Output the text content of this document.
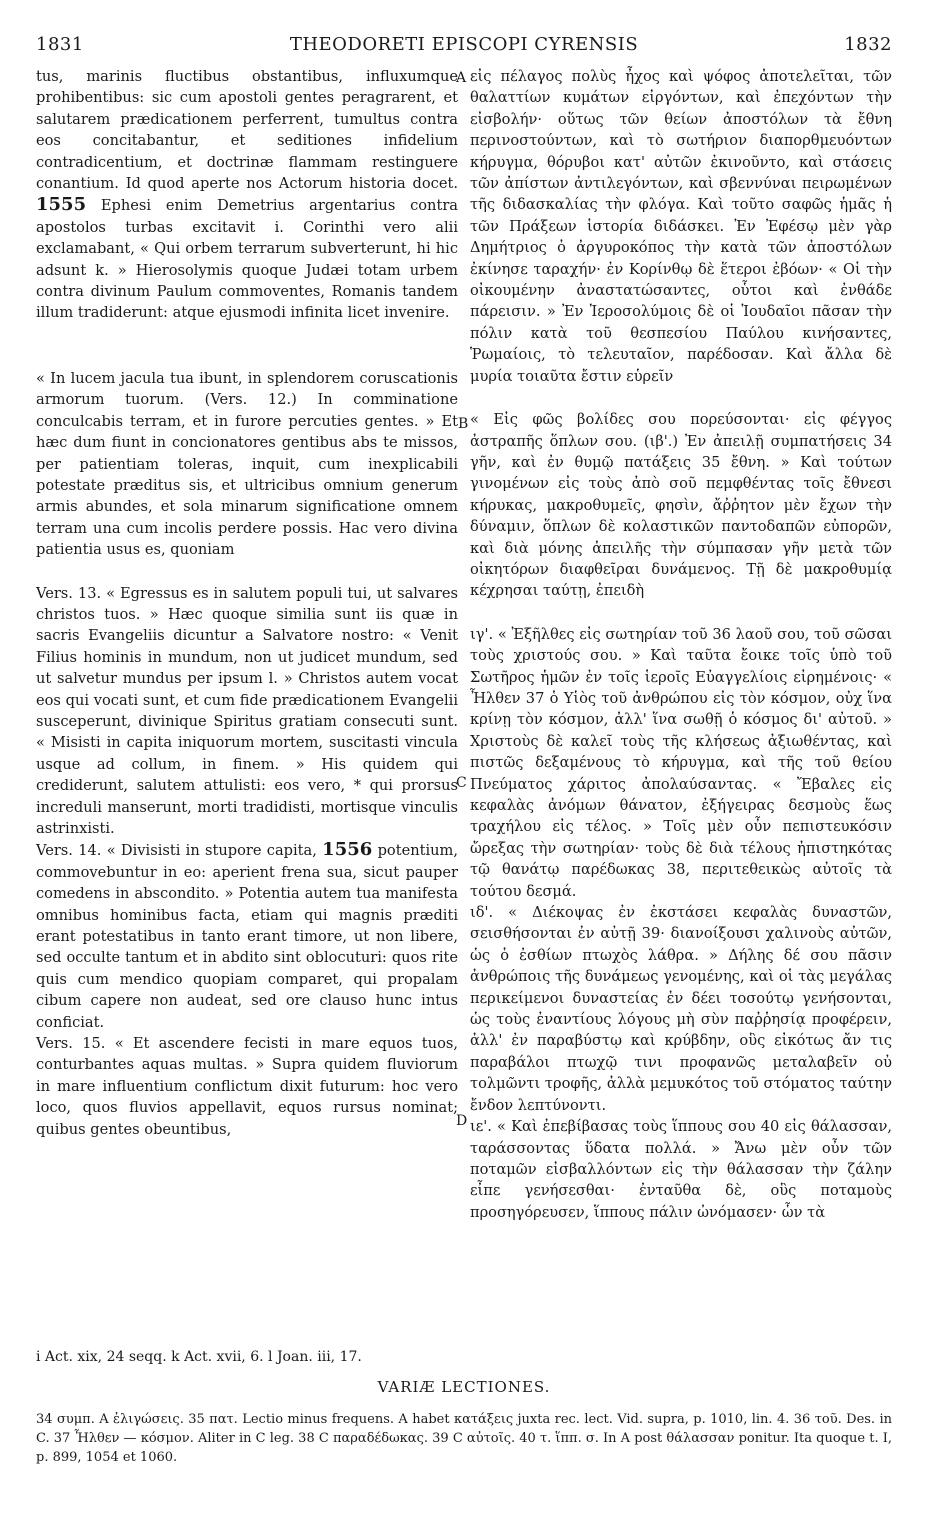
1831	THEODORETI EPISCOPI CYRENSIS	1832
A
B
C
D

tus, marinis fluctibus obstantibus, influxumque prohibentibus: sic cum apostoli gentes peragrarent, et salutarem prædicationem perferrent, tumultus contra eos concitabantur, et seditiones infidelium contradicentium, et doctrinæ flammam restinguere conantium. Id quod aperte nos Actorum historia docet. 1555 Ephesi enim Demetrius argentarius contra apostolos turbas excitavit i. Corinthi vero alii exclamabant, « Qui orbem terrarum subverterunt, hi hic adsunt k. » Hierosolymis quoque Judæi totam urbem contra divinum Paulum commoventes, Romanis tandem illum tradiderunt: atque ejusmodi infinita licet invenire.

« In lucem jacula tua ibunt, in splendorem coruscationis armorum tuorum. (Vers. 12.) In comminatione conculcabis terram, et in furore percuties gentes. » Et hæc dum fiunt in concionatores gentibus abs te missos, per patientiam toleras, inquit, cum inexplicabili potestate præditus sis, et ultricibus omnium generum armis abundes, et sola minarum significatione omnem terram una cum incolis perdere possis. Hac vero divina patientia usus es, quoniam

Vers. 13. « Egressus es in salutem populi tui, ut salvares christos tuos. » Hæc quoque similia sunt iis quæ in sacris Evangeliis dicuntur a Salvatore nostro: « Venit Filius hominis in mundum, non ut judicet mundum, sed ut salvetur mundus per ipsum l. » Christos autem vocat eos qui vocati sunt, et cum fide prædicationem Evangelii susceperunt, divinique Spiritus gratiam consecuti sunt. « Misisti in capita iniquorum mortem, suscitasti vincula usque ad collum, in finem. » His quidem qui crediderunt, salutem attulisti: eos vero, * qui prorsus increduli manserunt, morti tradidisti, mortisque vinculis astrinxisti.

Vers. 14. « Divisisti in stupore capita, 1556 potentium, commovebuntur in eo: aperient frena sua, sicut pauper comedens in abscondito. » Potentia autem tua manifesta omnibus hominibus facta, etiam qui magnis præditi erant potestatibus in tanto erant timore, ut non libere, sed occulte tantum et in abdito sint oblocuturi: quos rite quis cum mendico quopiam comparet, qui propalam cibum capere non audeat, sed ore clauso hunc intus conficiat.

Vers. 15. « Et ascendere fecisti in mare equos tuos, conturbantes aquas multas. » Supra quidem fluviorum in mare influentium conflictum dixit futurum: hoc vero loco, quos fluvios appellavit, equos rursus nominat; quibus gentes obeuntibus,

εἰς πέλαγος πολὺς ἦχος καὶ ψόφος ἀποτελεῖται, τῶν θαλαττίων κυμάτων εἰργόντων, καὶ ἐπεχόντων τὴν εἰσβολήν· οὕτως τῶν θείων ἀποστόλων τὰ ἔθνη περινοστούντων, καὶ τὸ σωτήριον διαπορθμευόντων κήρυγμα, θόρυβοι κατ' αὐτῶν ἐκινοῦντο, καὶ στάσεις τῶν ἀπίστων ἀντιλεγόντων, καὶ σβεννύναι πειρωμένων τῆς διδασκαλίας τὴν φλόγα. Καὶ τοῦτο σαφῶς ἡμᾶς ἡ τῶν Πράξεων ἱστορία διδάσκει. Ἐν Ἐφέσῳ μὲν γὰρ Δημήτριος ὁ ἀργυροκόπος τὴν κατὰ τῶν ἀποστόλων ἐκίνησε ταραχήν· ἐν Κορίνθῳ δὲ ἕτεροι ἐβόων· « Οἱ τὴν οἰκουμένην ἀναστατώσαντες, οὗτοι καὶ ἐνθάδε πάρεισιν. » Ἐν Ἱεροσολύμοις δὲ οἱ Ἰουδαῖοι πᾶσαν τὴν πόλιν κατὰ τοῦ θεσπεσίου Παύλου κινήσαντες, Ῥωμαίοις, τὸ τελευταῖον, παρέδοσαν. Καὶ ἄλλα δὲ μυρία τοιαῦτα ἔστιν εὑρεῖν

« Εἰς φῶς βολίδες σου πορεύσονται· εἰς φέγγος ἀστραπῆς ὅπλων σου. (ιβ'.) Ἐν ἀπειλῇ συμπατήσεις 34 γῆν, καὶ ἐν θυμῷ πατάξεις 35 ἔθνη. » Καὶ τούτων γινομένων εἰς τοὺς ἀπὸ σοῦ πεμφθέντας τοῖς ἔθνεσι κήρυκας, μακροθυμεῖς, φησὶν, ἄῤῥητον μὲν ἔχων τὴν δύναμιν, ὅπλων δὲ κολαστικῶν παντοδαπῶν εὐπορῶν, καὶ διὰ μόνης ἀπειλῆς τὴν σύμπασαν γῆν μετὰ τῶν οἰκητόρων διαφθεῖραι δυνάμενος. Τῇ δὲ μακροθυμίᾳ κέχρησαι ταύτῃ, ἐπειδὴ

ιγ'. « Ἐξῆλθες εἰς σωτηρίαν τοῦ 36 λαοῦ σου, τοῦ σῶσαι τοὺς χριστούς σου. » Καὶ ταῦτα ἔοικε τοῖς ὑπὸ τοῦ Σωτῆρος ἡμῶν ἐν τοῖς ἱεροῖς Εὐαγγελίοις εἰρημένοις· « Ἦλθεν 37 ὁ Υἱὸς τοῦ ἀνθρώπου εἰς τὸν κόσμον, οὐχ ἵνα κρίνῃ τὸν κόσμον, ἀλλ' ἵνα σωθῇ ὁ κόσμος δι' αὐτοῦ. » Χριστοὺς δὲ καλεῖ τοὺς τῆς κλήσεως ἀξιωθέντας, καὶ πιστῶς δεξαμένους τὸ κήρυγμα, καὶ τῆς τοῦ θείου Πνεύματος χάριτος ἀπολαύσαντας. « Ἔβαλες εἰς κεφαλὰς ἀνόμων θάνατον, ἐξήγειρας δεσμοὺς ἕως τραχήλου εἰς τέλος. » Τοῖς μὲν οὖν πεπιστευκόσιν ὤρεξας τὴν σωτηρίαν· τοὺς δὲ διὰ τέλους ἠπιστηκότας τῷ θανάτῳ παρέδωκας 38, περιτεθεικὼς αὐτοῖς τὰ τούτου δεσμά.

ιδ'. « Διέκοψας ἐν ἐκστάσει κεφαλὰς δυναστῶν, σεισθήσονται ἐν αὐτῇ 39· διανοίξουσι χαλινοὺς αὐτῶν, ὡς ὁ ἐσθίων πτωχὸς λάθρα. » Δήλης δέ σου πᾶσιν ἀνθρώποις τῆς δυνάμεως γενομένης, καὶ οἱ τὰς μεγάλας περικείμενοι δυναστείας ἐν δέει τοσούτῳ γενήσονται, ὡς τοὺς ἐναντίους λόγους μὴ σὺν παῤῥησίᾳ προφέρειν, ἀλλ' ἐν παραβύστῳ καὶ κρύβδην, οὓς εἰκότως ἄν τις παραβάλοι πτωχῷ τινι προφανῶς μεταλαβεῖν οὐ τολμῶντι τροφῆς, ἀλλὰ μεμυκότος τοῦ στόματος ταύτην ἔνδον λεπτύνοντι.

ιε'. « Καὶ ἐπεβίβασας τοὺς ἵππους σου 40 εἰς θάλασσαν, ταράσσοντας ὕδατα πολλά. » Ἄνω μὲν οὖν τῶν ποταμῶν εἰσβαλλόντων εἰς τὴν θάλασσαν τὴν ζάλην εἶπε γενήσεσθαι· ἐνταῦθα δὲ, οὓς ποταμοὺς προσηγόρευσεν, ἵππους πάλιν ὠνόμασεν· ὧν τὰ

i Act. xix, 24 seqq. k Act. xvii, 6. l Joan. iii, 17.
VARIÆ LECTIONES.
34 συμπ. A ἐλιγώσεις. 35 πατ. Lectio minus frequens. A habet κατάξεις juxta rec. lect. Vid. supra, p. 1010, lin. 4. 36 τοῦ. Des. in C. 37 Ἦλθεν — κόσμον. Aliter in C leg. 38 C παραδέδωκας. 39 C αὐτοῖς. 40 τ. ἵππ. σ. In A post θάλασσαν ponitur. Ita quoque t. I, p. 899, 1054 et 1060.
